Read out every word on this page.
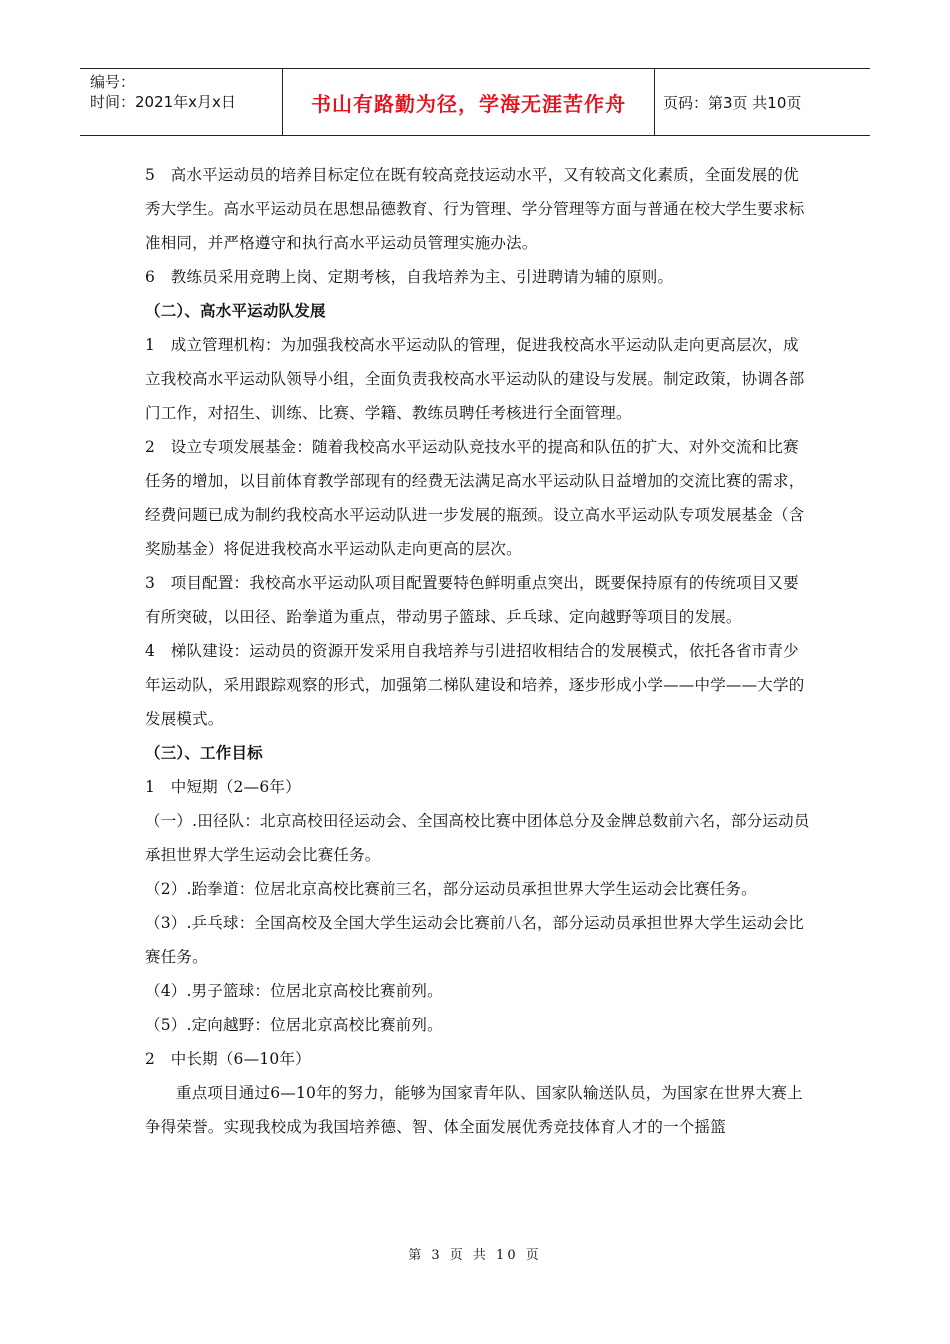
编号：
时间：2021年x月x日	书山有路勤为径，学海无涯苦作舟 页码：第3页 共10页

5　高水平运动员的培养目标定位在既有较高竞技运动水平，又有较高文化素质，全面发展的优秀大学生。高水平运动员在思想品德教育、行为管理、学分管理等方面与普通在校大学生要求标准相同，并严格遵守和执行高水平运动员管理实施办法。

6　教练员采用竞聘上岗、定期考核，自我培养为主、引进聘请为辅的原则。

（二）、高水平运动队发展

1　成立管理机构：为加强我校高水平运动队的管理，促进我校高水平运动队走向更高层次，成立我校高水平运动队领导小组，全面负责我校高水平运动队的建设与发展。制定政策，协调各部门工作，对招生、训练、比赛、学籍、教练员聘任考核进行全面管理。

2　设立专项发展基金：随着我校高水平运动队竞技水平的提高和队伍的扩大、对外交流和比赛任务的增加，以目前体育教学部现有的经费无法满足高水平运动队日益增加的交流比赛的需求，经费问题已成为制约我校高水平运动队进一步发展的瓶颈。设立高水平运动队专项发展基金（含奖励基金）将促进我校高水平运动队走向更高的层次。

3　项目配置：我校高水平运动队项目配置要特色鲜明重点突出，既要保持原有的传统项目又要有所突破，以田径、跆拳道为重点，带动男子篮球、乒乓球、定向越野等项目的发展。

4　梯队建设：运动员的资源开发采用自我培养与引进招收相结合的发展模式，依托各省市青少年运动队，采用跟踪观察的形式，加强第二梯队建设和培养，逐步形成小学——中学——大学的发展模式。

（三）、工作目标

1　中短期（2—6年）

（一）.田径队：北京高校田径运动会、全国高校比赛中团体总分及金牌总数前六名，部分运动员承担世界大学生运动会比赛任务。

（2）.跆拳道：位居北京高校比赛前三名，部分运动员承担世界大学生运动会比赛任务。

（3）.乒乓球：全国高校及全国大学生运动会比赛前八名，部分运动员承担世界大学生运动会比赛任务。

（4）.男子篮球：位居北京高校比赛前列。

（5）.定向越野：位居北京高校比赛前列。

2　中长期（6—10年）

重点项目通过6—10年的努力，能够为国家青年队、国家队输送队员，为国家在世界大赛上争得荣誉。实现我校成为我国培养德、智、体全面发展优秀竞技体育人才的一个摇篮

第 3 页 共 10 页
